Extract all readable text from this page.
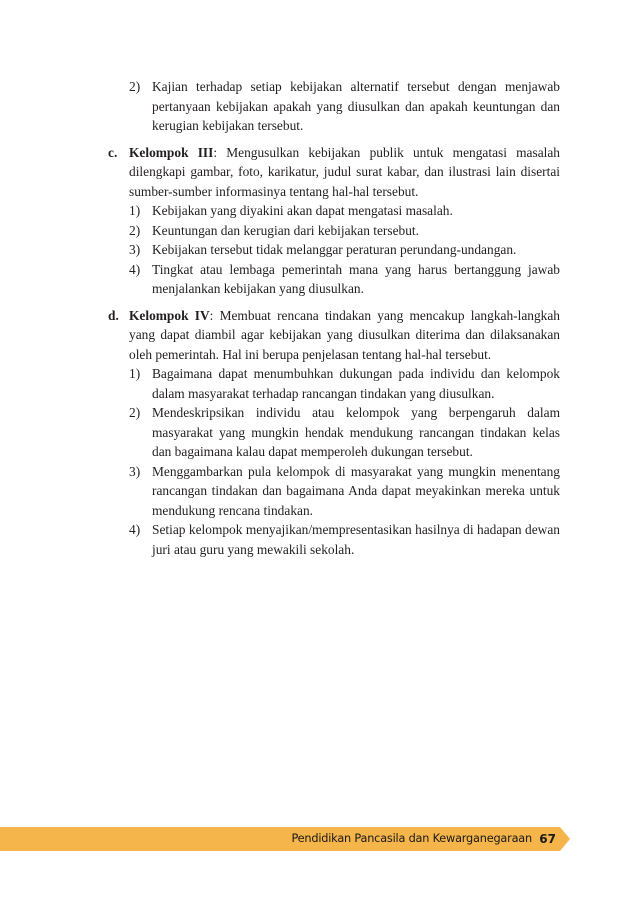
2) Kajian terhadap setiap kebijakan alternatif tersebut dengan menjawab pertanyaan kebijakan apakah yang diusulkan dan apakah keuntungan dan kerugian kebijakan tersebut.
c. Kelompok III: Mengusulkan kebijakan publik untuk mengatasi masalah dilengkapi gambar, foto, karikatur, judul surat kabar, dan ilustrasi lain disertai sumber-sumber informasinya tentang hal-hal tersebut.
1) Kebijakan yang diyakini akan dapat mengatasi masalah.
2) Keuntungan dan kerugian dari kebijakan tersebut.
3) Kebijakan tersebut tidak melanggar peraturan perundang-undangan.
4) Tingkat atau lembaga pemerintah mana yang harus bertanggung jawab menjalankan kebijakan yang diusulkan.
d. Kelompok IV: Membuat rencana tindakan yang mencakup langkah-langkah yang dapat diambil agar kebijakan yang diusulkan diterima dan dilaksanakan oleh pemerintah. Hal ini berupa penjelasan tentang hal-hal tersebut.
1) Bagaimana dapat menumbuhkan dukungan pada individu dan kelompok dalam masyarakat terhadap rancangan tindakan yang diusulkan.
2) Mendeskripsikan individu atau kelompok yang berpengaruh dalam masyarakat yang mungkin hendak mendukung rancangan tindakan kelas dan bagaimana kalau dapat memperoleh dukungan tersebut.
3) Menggambarkan pula kelompok di masyarakat yang mungkin menentang rancangan tindakan dan bagaimana Anda dapat meyakinkan mereka untuk mendukung rencana tindakan.
4) Setiap kelompok menyajikan/mempresentasikan hasilnya di hadapan dewan juri atau guru yang mewakili sekolah.
Pendidikan Pancasila dan Kewarganegaraan 67
